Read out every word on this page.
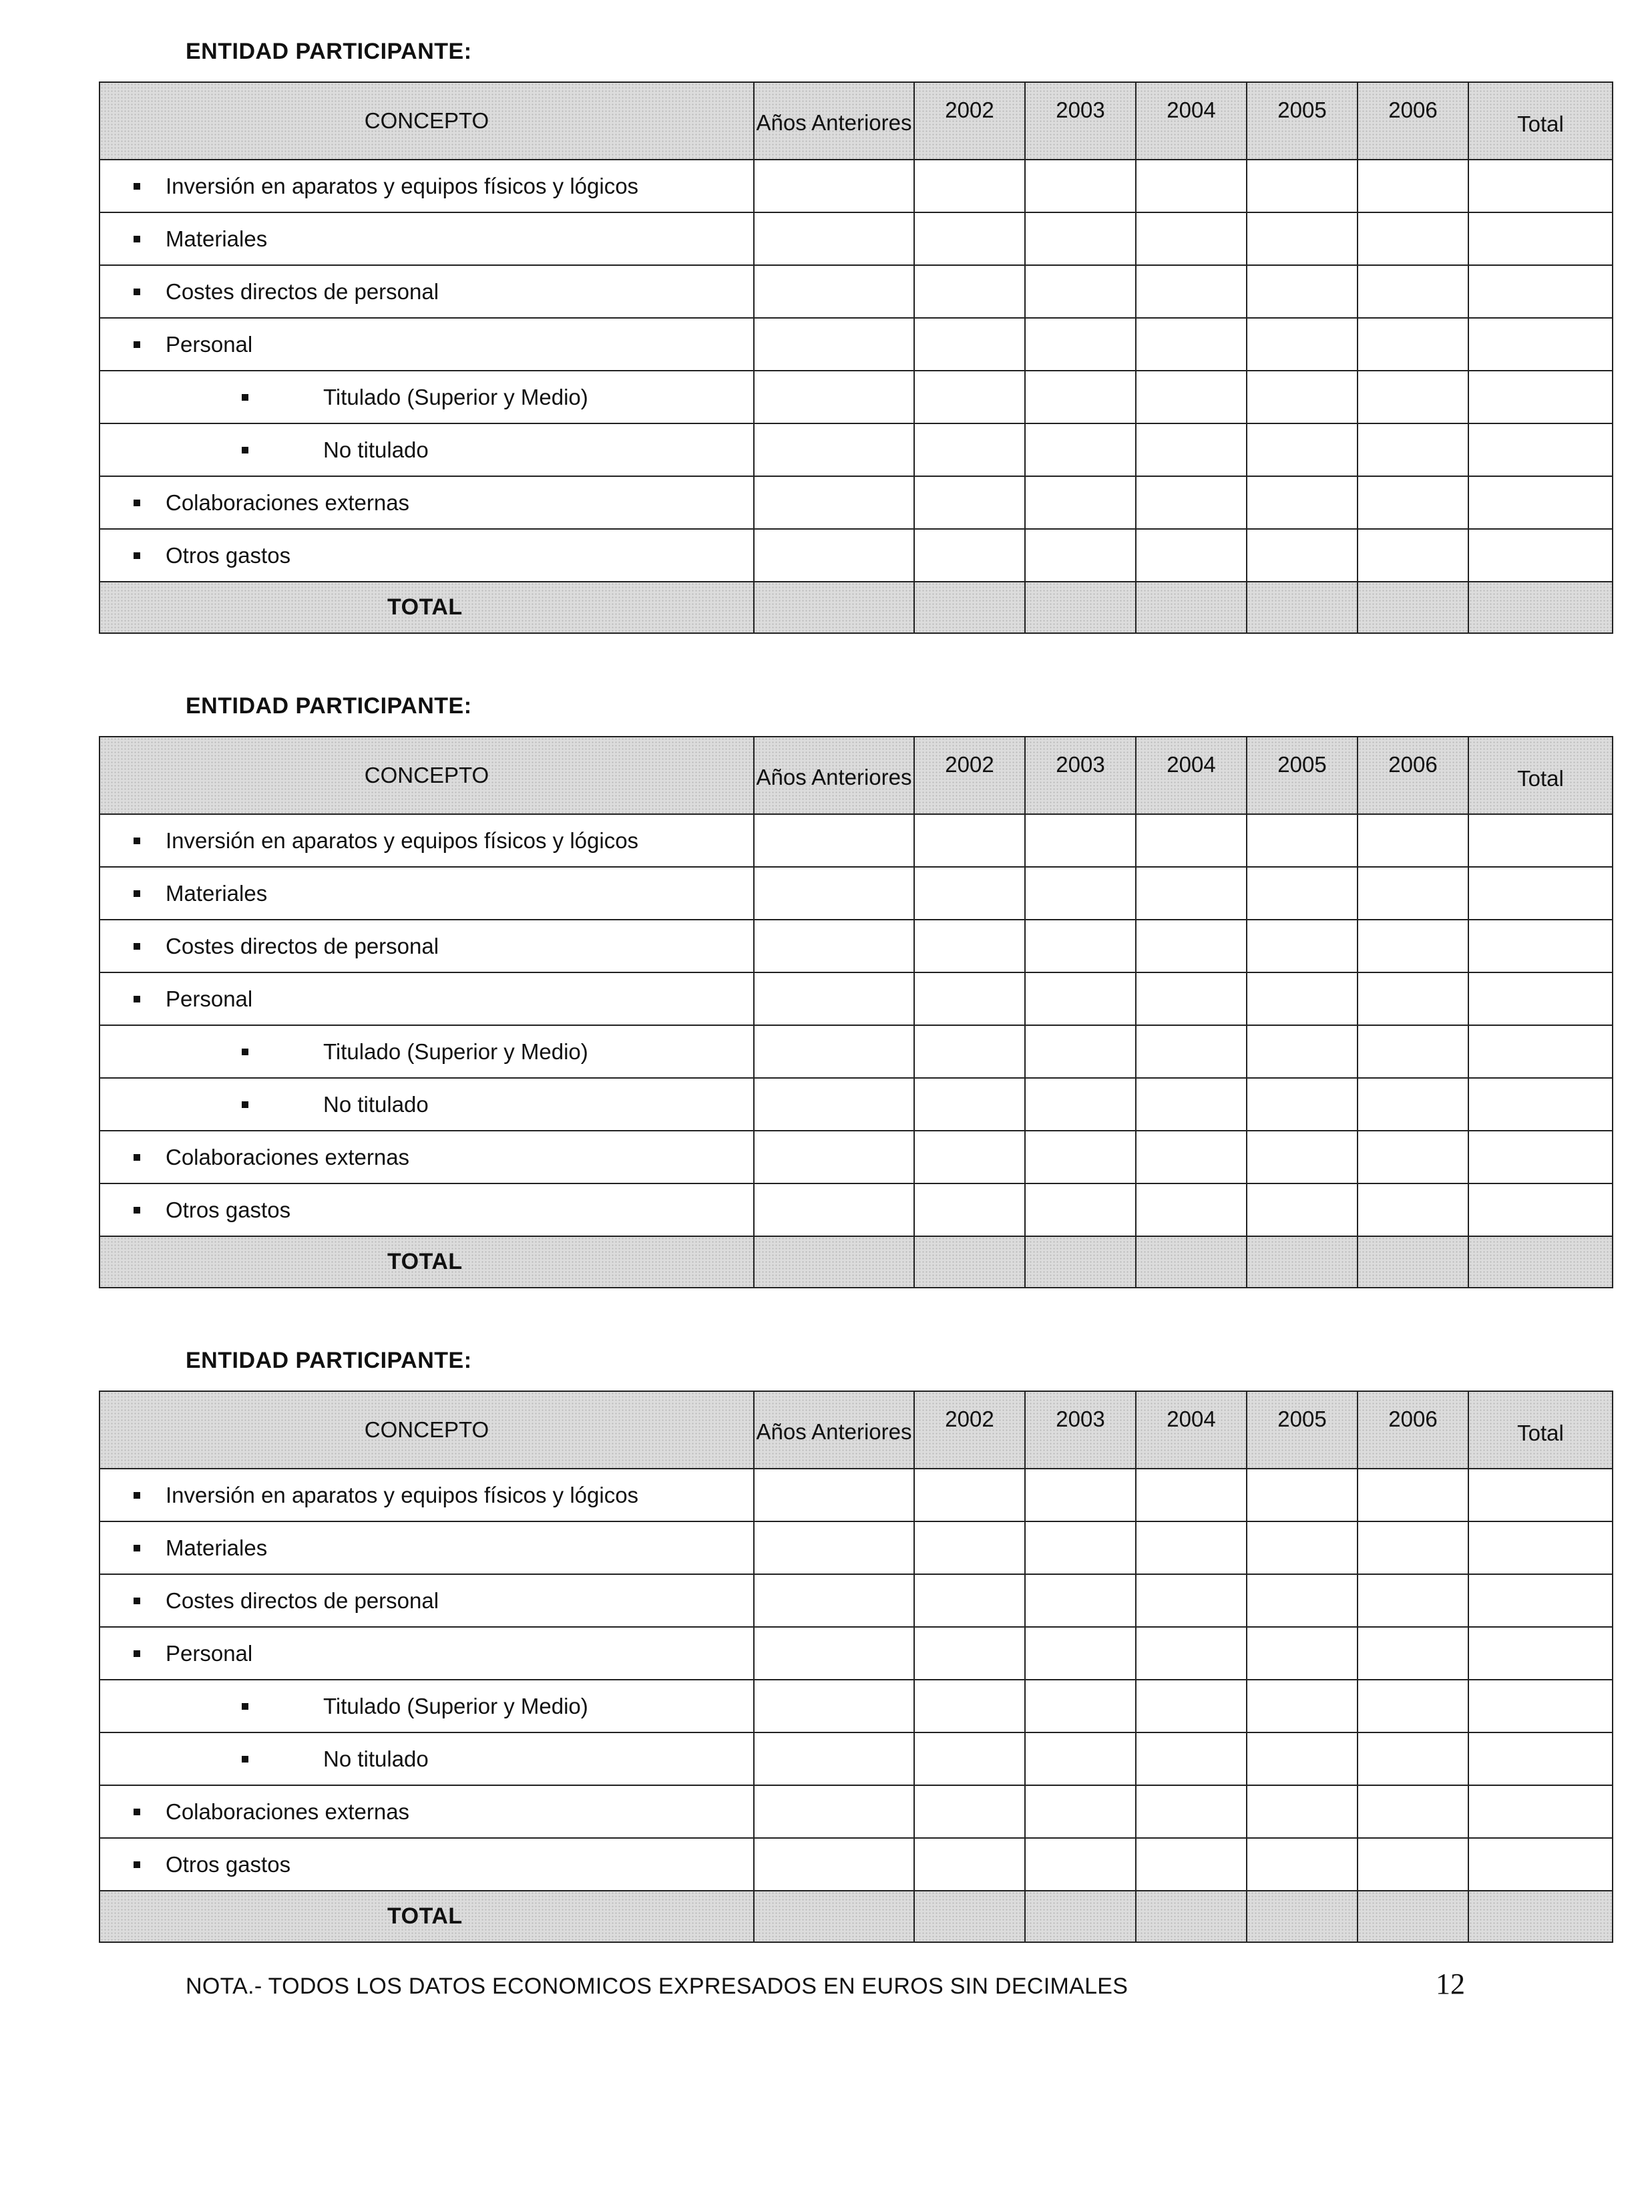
ENTIDAD PARTICIPANTE:
CONCEPTO	Años Anteriores	2002	2003	2004	2005	2006	Total

Inversión en aparatos y equipos físicos y lógicos							

Materiales							

Costes directos de personal							

Personal							

Titulado (Superior y Medio)							

No titulado							

Colaboraciones externas							

Otros gastos							

TOTAL							

ENTIDAD PARTICIPANTE:
CONCEPTO	Años Anteriores	2002	2003	2004	2005	2006	Total

Inversión en aparatos y equipos físicos y lógicos							

Materiales							

Costes directos de personal							

Personal							

Titulado (Superior y Medio)							

No titulado							

Colaboraciones externas							

Otros gastos							

TOTAL							

ENTIDAD PARTICIPANTE:
CONCEPTO	Años Anteriores	2002	2003	2004	2005	2006	Total

Inversión en aparatos y equipos físicos y lógicos							

Materiales							

Costes directos de personal							

Personal							

Titulado (Superior y Medio)							

No titulado							

Colaboraciones externas							

Otros gastos							

TOTAL							

NOTA.- TODOS LOS DATOS ECONOMICOS EXPRESADOS EN EUROS SIN DECIMALES	12
